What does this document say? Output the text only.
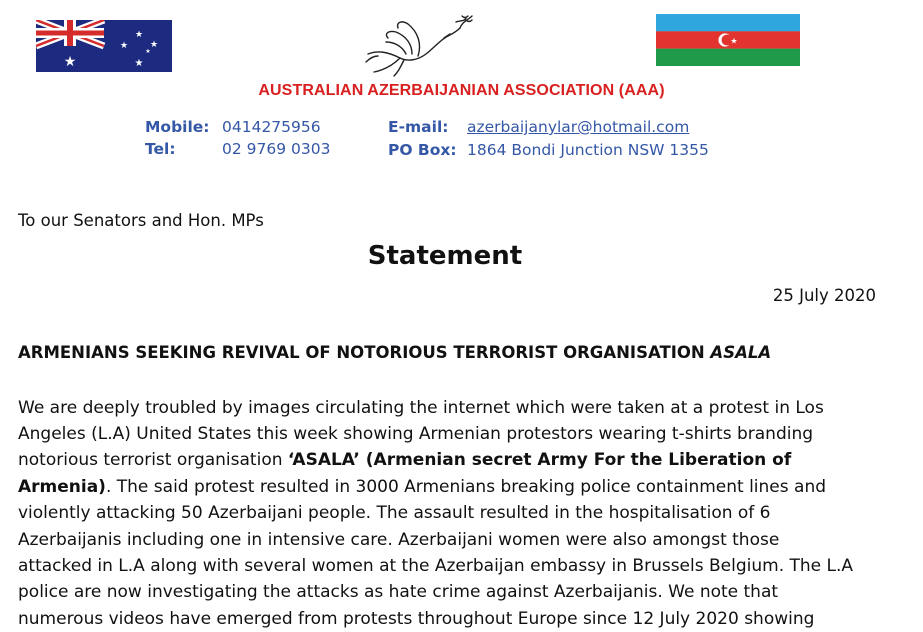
★	★
★
★
★
★
★
AUSTRALIAN AZERBAIJANIAN ASSOCIATION (AAA)
Mobile: 0414275956
Tel:	02 9769 0303
E-mail: azerbaijanylar@hotmail.com
PO Box: 1864 Bondi Junction NSW 1355
To our Senators and Hon. MPs
Statement
25 July 2020
ARMENIANS SEEKING REVIVAL OF NOTORIOUS TERRORIST ORGANISATION ASALA
We are deeply troubled by images circulating the internet which were taken at a protest in Los
Angeles (L.A) United States this week showing Armenian protestors wearing t-shirts branding
notorious terrorist organisation ‘ASALA’ (Armenian secret Army For the Liberation of
Armenia). The said protest resulted in 3000 Armenians breaking police containment lines and
violently attacking 50 Azerbaijani people. The assault resulted in the hospitalisation of 6
Azerbaijanis including one in intensive care. Azerbaijani women were also amongst those
attacked in L.A along with several women at the Azerbaijan embassy in Brussels Belgium. The L.A
police are now investigating the attacks as hate crime against Azerbaijanis. We note that
numerous videos have emerged from protests throughout Europe since 12 July 2020 showing
